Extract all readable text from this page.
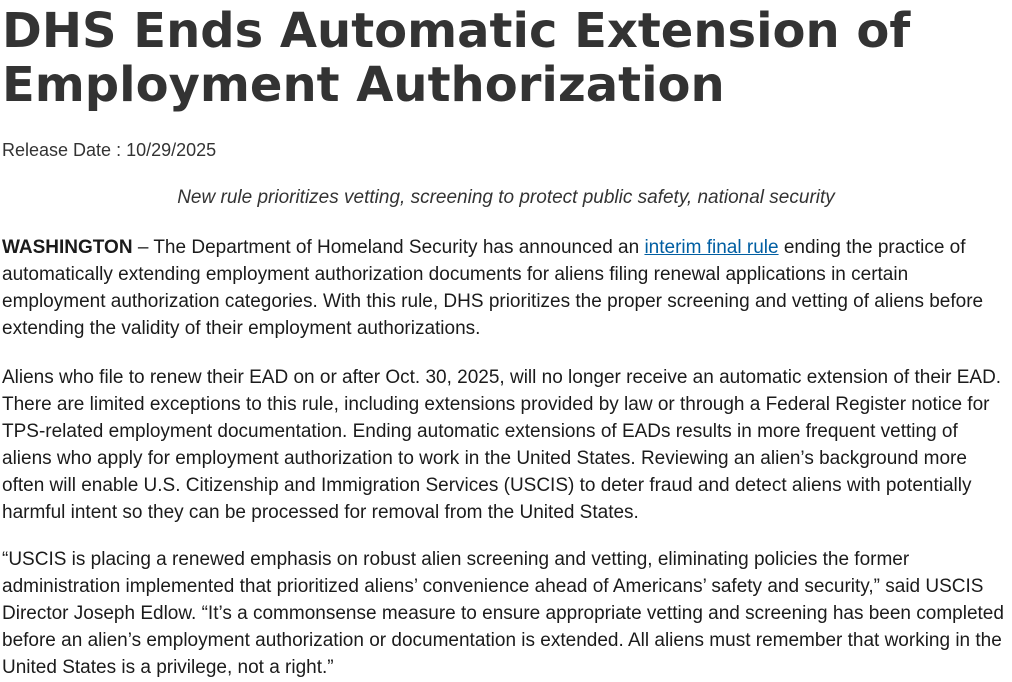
DHS Ends Automatic Extension of Employment Authorization
Release Date : 10/29/2025
New rule prioritizes vetting, screening to protect public safety, national security

WASHINGTON – The Department of Homeland Security has announced an interim final rule ending the practice of automatically extending employment authorization documents for aliens filing renewal applications in certain employment authorization categories. With this rule, DHS prioritizes the proper screening and vetting of aliens before extending the validity of their employment authorizations.

Aliens who file to renew their EAD on or after Oct. 30, 2025, will no longer receive an automatic extension of their EAD. There are limited exceptions to this rule, including extensions provided by law or through a Federal Register notice for TPS-related employment documentation. Ending automatic extensions of EADs results in more frequent vetting of aliens who apply for employment authorization to work in the United States. Reviewing an alien’s background more often will enable U.S. Citizenship and Immigration Services (USCIS) to deter fraud and detect aliens with potentially harmful intent so they can be processed for removal from the United States.

“USCIS is placing a renewed emphasis on robust alien screening and vetting, eliminating policies the former administration implemented that prioritized aliens’ convenience ahead of Americans’ safety and security,” said USCIS Director Joseph Edlow. “It’s a commonsense measure to ensure appropriate vetting and screening has been completed before an alien’s employment authorization or documentation is extended. All aliens must remember that working in the United States is a privilege, not a right.”
